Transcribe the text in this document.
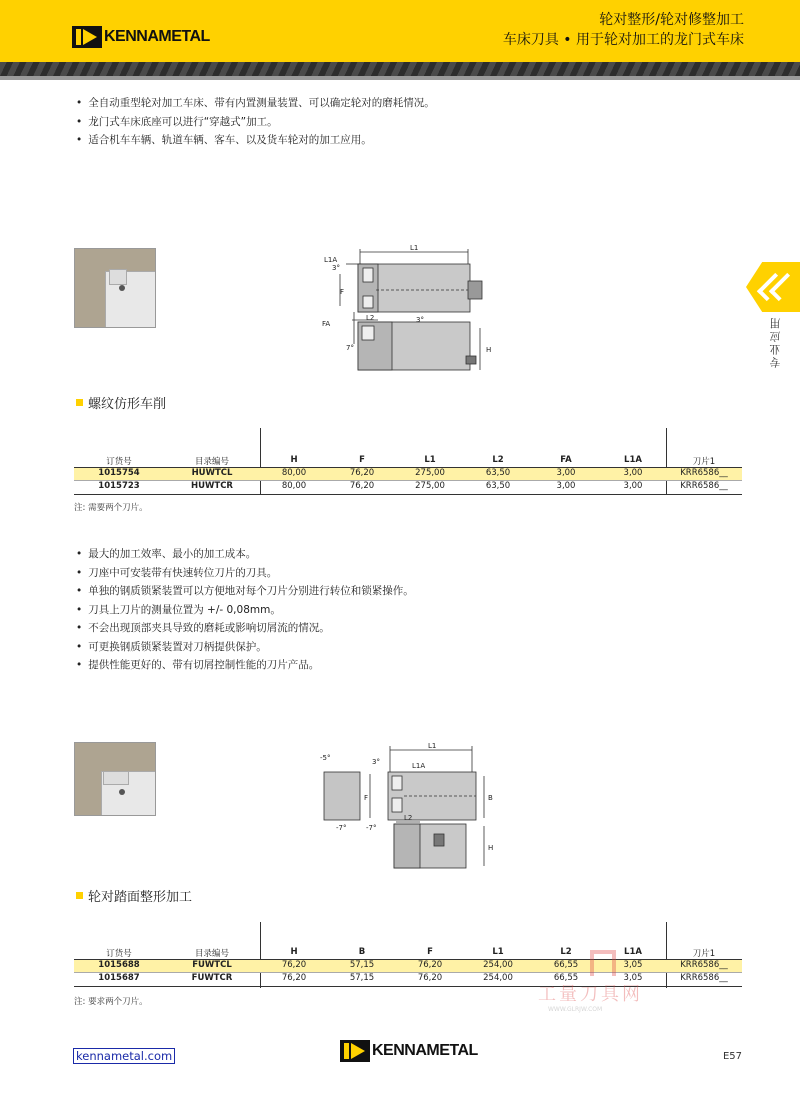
KENNAMETAL
轮对整形/轮对修整加工
车床刀具 • 用于轮对加工的龙门式车床
专业应用
• 全自动重型轮对加工车床、带有内置测量装置、可以确定轮对的磨耗情况。
• 龙门式车床底座可以进行“穿越式”加工。
• 适合机车车辆、轨道车辆、客车、以及货车轮对的加工应用。
L1A
L1
3°
F
FA
L2	3°
7°	H
螺纹仿形车削
订货号	目录编号	H	F	L1	L2	FA	L1A	刀片1
1015754	HUWTCL	80,00	76,20	275,00	63,50	3,00	3,00	KRR6586__
1015723	HUWTCR	80,00	76,20	275,00	63,50	3,00	3,00	KRR6586__
注: 需要两个刀片。
• 最大的加工效率、最小的加工成本。
• 刀座中可安装带有快速转位刀片的刀具。
• 单独的钢质锁紧装置可以方便地对每个刀片分别进行转位和锁紧操作。
• 刀具上刀片的测量位置为 +/- 0,08mm。
• 不会出现顶部夹具导致的磨耗或影响切屑流的情况。
• 可更换钢质锁紧装置对刀柄提供保护。
• 提供性能更好的、带有切屑控制性能的刀片产品。
L1
3°
-5°
L1A
F	B
-7°	-7°
L2
H
轮对踏面整形加工
订货号	目录编号	H	B	F	L1	L2	L1A	刀片1
1015688	FUWTCL	76,20	57,15	76,20	254,00	66,55	3,05	KRR6586__
1015687	FUWTCR	76,20	57,15	76,20	254,00	66,55	3,05	KRR6586__
注: 要求两个刀片。	工量刀具网
WWW.GLRJW.COM
kennametal.com	KENNAMETAL	E57
